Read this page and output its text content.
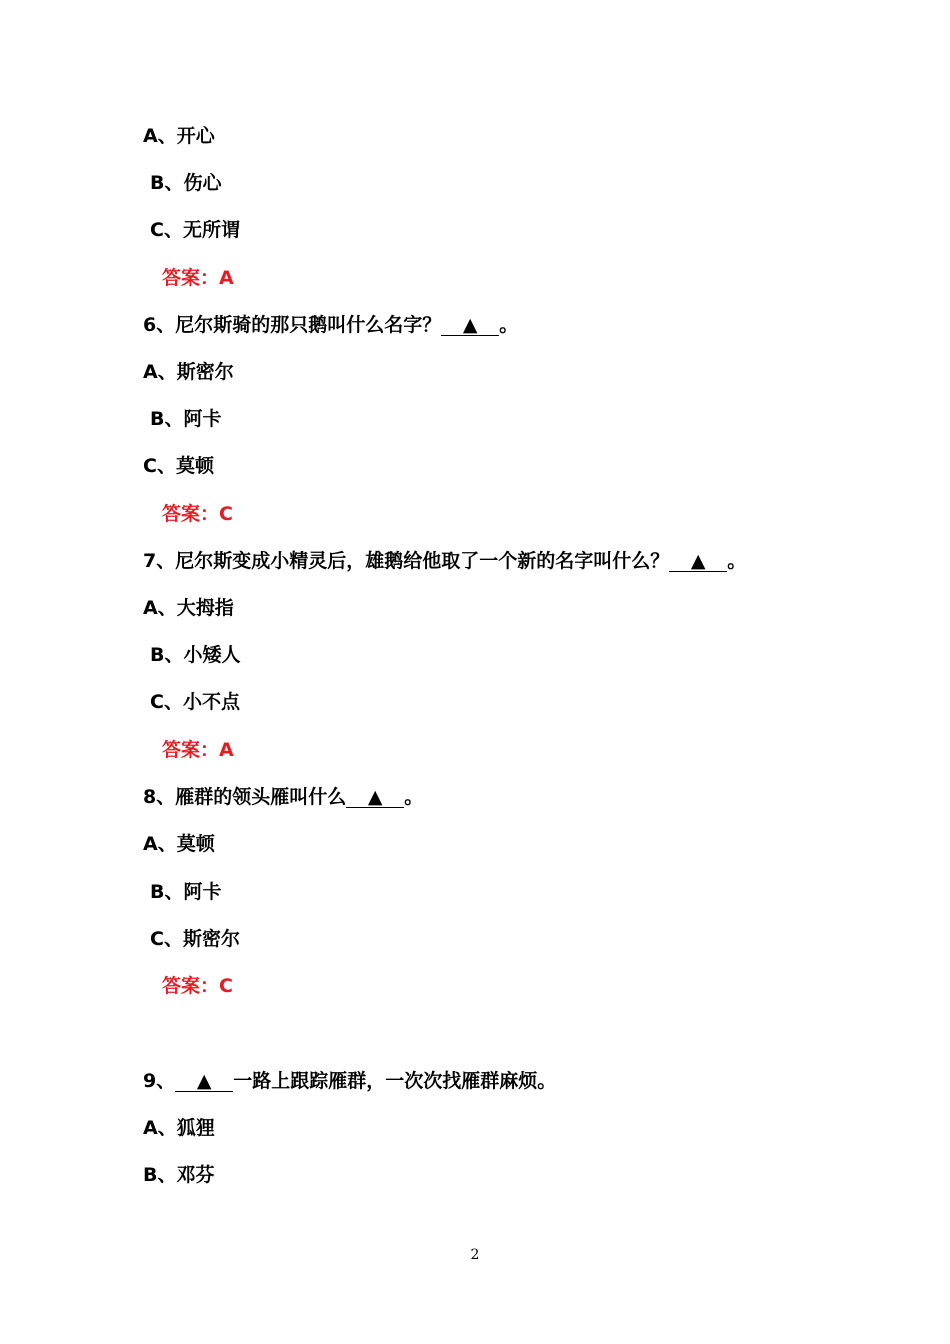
A、开心
B、伤心
C、无所谓
答案：A
6、尼尔斯骑的那只鹅叫什么名字？ ▲ 。
A、斯密尔
B、阿卡
C、莫顿
答案：C
7、尼尔斯变成小精灵后，雄鹅给他取了一个新的名字叫什么？ ▲ 。
A、大拇指
B、小矮人
C、小不点
答案：A
8、雁群的领头雁叫什么 ▲ 。
A、莫顿
B、阿卡
C、斯密尔
答案：C
9、 ▲ 一路上跟踪雁群，一次次找雁群麻烦。
A、狐狸
B、邓芬
2
